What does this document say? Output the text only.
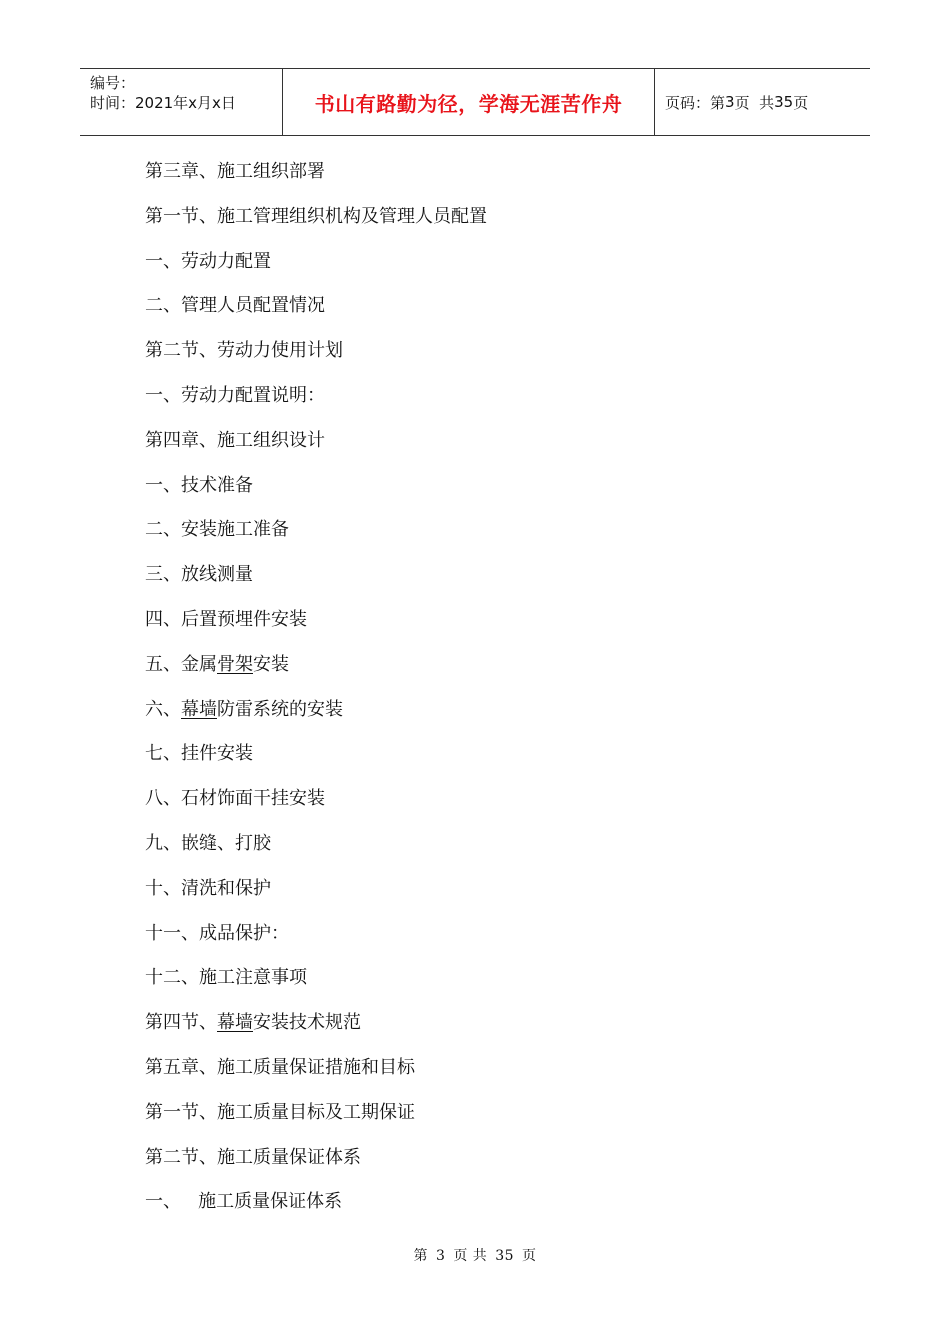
编号：
时间：2021年x月x日	书山有路勤为径，学海无涯苦作舟	页码：第 3 页  共 35 页
第三章、施工组织部署
第一节、施工管理组织机构及管理人员配置
一、劳动力配置
二、管理人员配置情况
第二节、劳动力使用计划
一、劳动力配置说明：
第四章、施工组织设计
一、技术准备
二、安装施工准备
三、放线测量
四、后置预埋件安装
五、金属骨架安装
六、幕墙防雷系统的安装
七、挂件安装
八、石材饰面干挂安装
九、嵌缝、打胶
十、清洗和保护
十一、成品保护：
十二、施工注意事项
第四节、幕墙安装技术规范
第五章、施工质量保证措施和目标
第一节、施工质量目标及工期保证
第二节、施工质量保证体系
一、   施工质量保证体系
第 3 页 共 35 页
